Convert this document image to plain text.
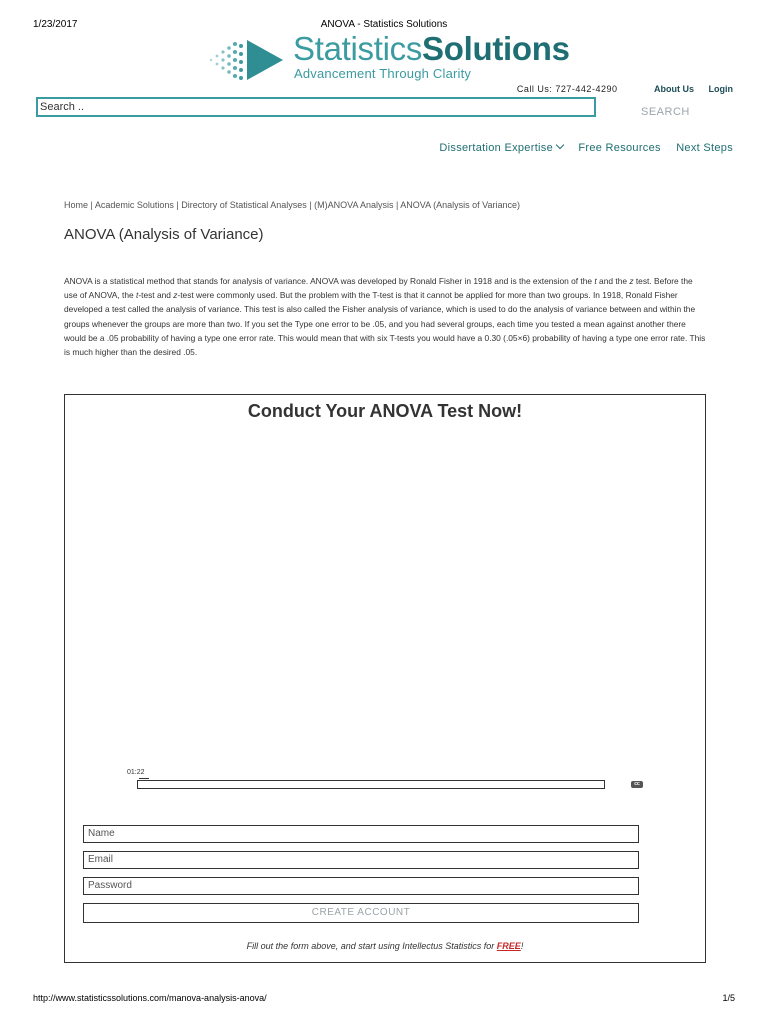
1/23/2017	ANOVA - Statistics Solutions
StatisticsSolutions
Advancement Through Clarity
Call Us: 727-442-4290	About Us Login
Search ..	SEARCH
Dissertation Expertise Free Resources Next Steps
Home | Academic Solutions | Directory of Statistical Analyses | (M)ANOVA Analysis | ANOVA (Analysis of Variance)
ANOVA (Analysis of Variance)
ANOVA is a statistical method that stands for analysis of variance. ANOVA was developed by Ronald Fisher in 1918 and is the extension of the t and the z test. Before the use of ANOVA, the t-test and z-test were commonly used. But the problem with the T-test is that it cannot be applied for more than two groups. In 1918, Ronald Fisher developed a test called the analysis of variance. This test is also called the Fisher analysis of variance, which is used to do the analysis of variance between and within the groups whenever the groups are more than two. If you set the Type one error to be .05, and you had several groups, each time you tested a mean against another there would be a .05 probability of having a type one error rate. This would mean that with six T-tests you would have a 0.30 (.05×6) probability of having a type one error rate. This is much higher than the desired .05.
Conduct Your ANOVA Test Now!
01:22
cc
Name
Email
Password
CREATE ACCOUNT
Fill out the form above, and start using Intellectus Statistics for FREE!
http://www.statisticssolutions.com/manova-analysis-anova/	1/5
